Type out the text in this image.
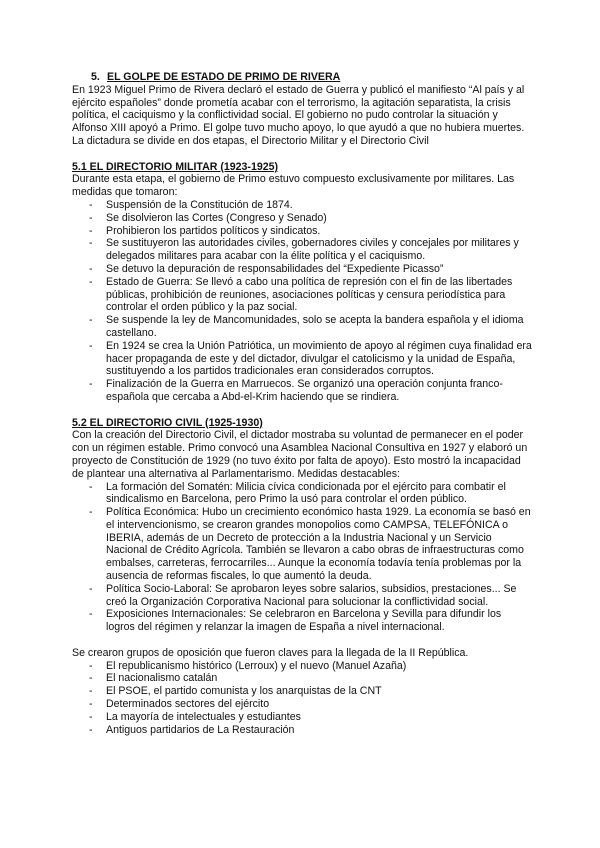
5. EL GOLPE DE ESTADO DE PRIMO DE RIVERA

En 1923 Miguel Primo de Rivera declaró el estado de Guerra y publicó el manifiesto “Al país y al ejército españoles” donde prometía acabar con el terrorismo, la agitación separatista, la crisis política, el caciquismo y la conflictividad social. El gobierno no pudo controlar la situación y Alfonso XIII apoyó a Primo. El golpe tuvo mucho apoyo, lo que ayudó a que no hubiera muertes. La dictadura se divide en dos etapas, el Directorio Militar y el Directorio Civil

5.1 EL DIRECTORIO MILITAR (1923-1925)

Durante esta etapa, el gobierno de Primo estuvo compuesto exclusivamente por militares. Las medidas que tomaron:

- Suspensión de la Constitución de 1874.
- Se disolvieron las Cortes (Congreso y Senado)
- Prohibieron los partidos políticos y sindicatos.
- Se sustituyeron las autoridades civiles, gobernadores civiles y concejales por militares y delegados militares para acabar con la élite política y el caciquismo.
- Se detuvo la depuración de responsabilidades del “Expediente Picasso”
- Estado de Guerra: Se llevó a cabo una política de represión con el fin de las libertades públicas, prohibición de reuniones, asociaciones políticas y censura periodística para controlar el orden público y la paz social.
- Se suspende la ley de Mancomunidades, solo se acepta la bandera española y el idioma castellano.
- En 1924 se crea la Unión Patriótica, un movimiento de apoyo al régimen cuya finalidad era hacer propaganda de este y del dictador, divulgar el catolicismo y la unidad de España, sustituyendo a los partidos tradicionales eran considerados corruptos.
- Finalización de la Guerra en Marruecos. Se organizó una operación conjunta franco-española que cercaba a Abd-el-Krim haciendo que se rindiera.
5.2 EL DIRECTORIO CIVIL (1925-1930)

Con la creación del Directorio Civil, el dictador mostraba su voluntad de permanecer en el poder con un régimen estable. Primo convocó una Asamblea Nacional Consultiva en 1927 y elaboró un proyecto de Constitución de 1929 (no tuvo éxito por falta de apoyo). Esto mostró la incapacidad de plantear una alternativa al Parlamentarismo. Medidas destacables:

- La formación del Somatén: Milicia cívica condicionada por el ejército para combatir el sindicalismo en Barcelona, pero Primo la usó para controlar el orden público.
- Política Económica: Hubo un crecimiento económico hasta 1929. La economía se basó en el intervencionismo, se crearon grandes monopolios como CAMPSA, TELEFÓNICA o IBERIA, además de un Decreto de protección a la Industria Nacional y un Servicio Nacional de Crédito Agrícola. También se llevaron a cabo obras de infraestructuras como embalses, carreteras, ferrocarriles... Aunque la economía todavía tenía problemas por la ausencia de reformas fiscales, lo que aumentó la deuda.
- Política Socio-Laboral: Se aprobaron leyes sobre salarios, subsidios, prestaciones... Se creó la Organización Corporativa Nacional para solucionar la conflictividad social.
- Exposiciones Internacionales: Se celebraron en Barcelona y Sevilla para difundir los logros del régimen y relanzar la imagen de España a nivel internacional.

Se crearon grupos de oposición que fueron claves para la llegada de la II República.

- El republicanismo histórico (Lerroux) y el nuevo (Manuel Azaña)
- El nacionalismo catalán
- El PSOE, el partido comunista y los anarquistas de la CNT
- Determinados sectores del ejército
- La mayoría de intelectuales y estudiantes
- Antiguos partidarios de La Restauración
